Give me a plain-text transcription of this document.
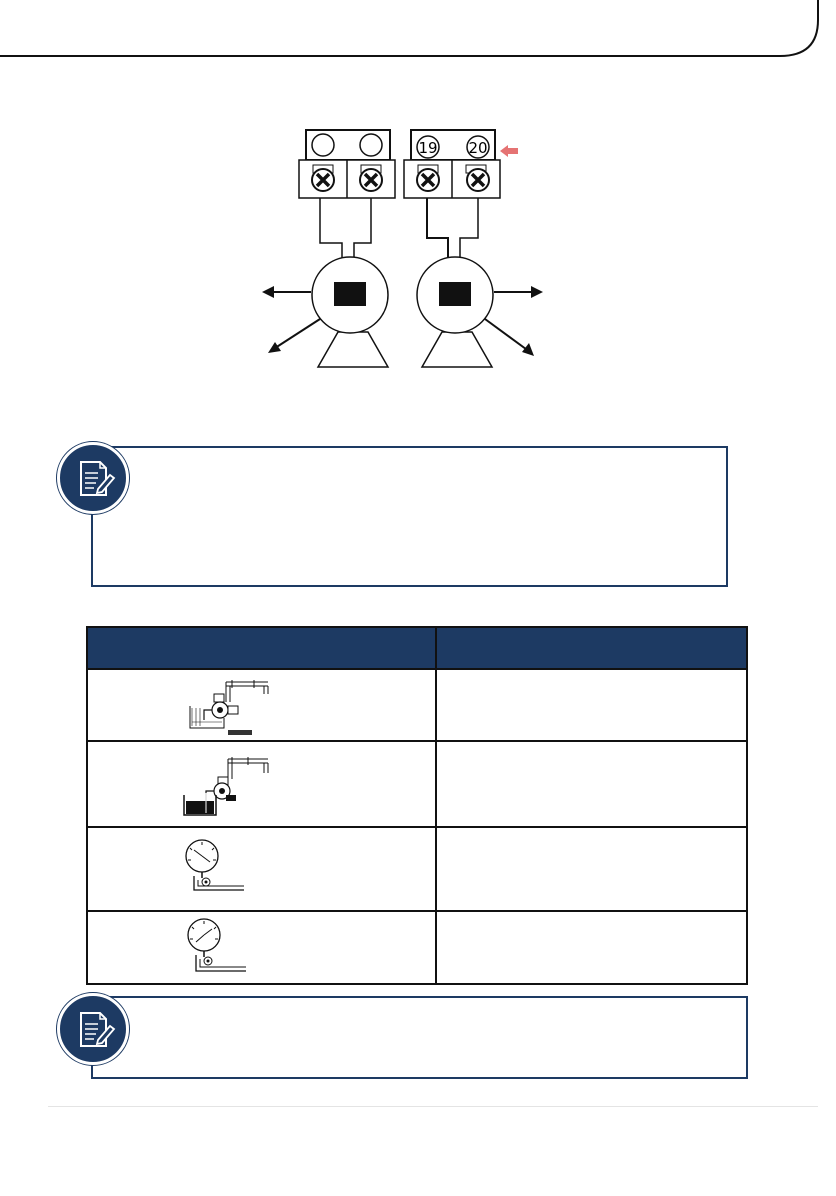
19 20
